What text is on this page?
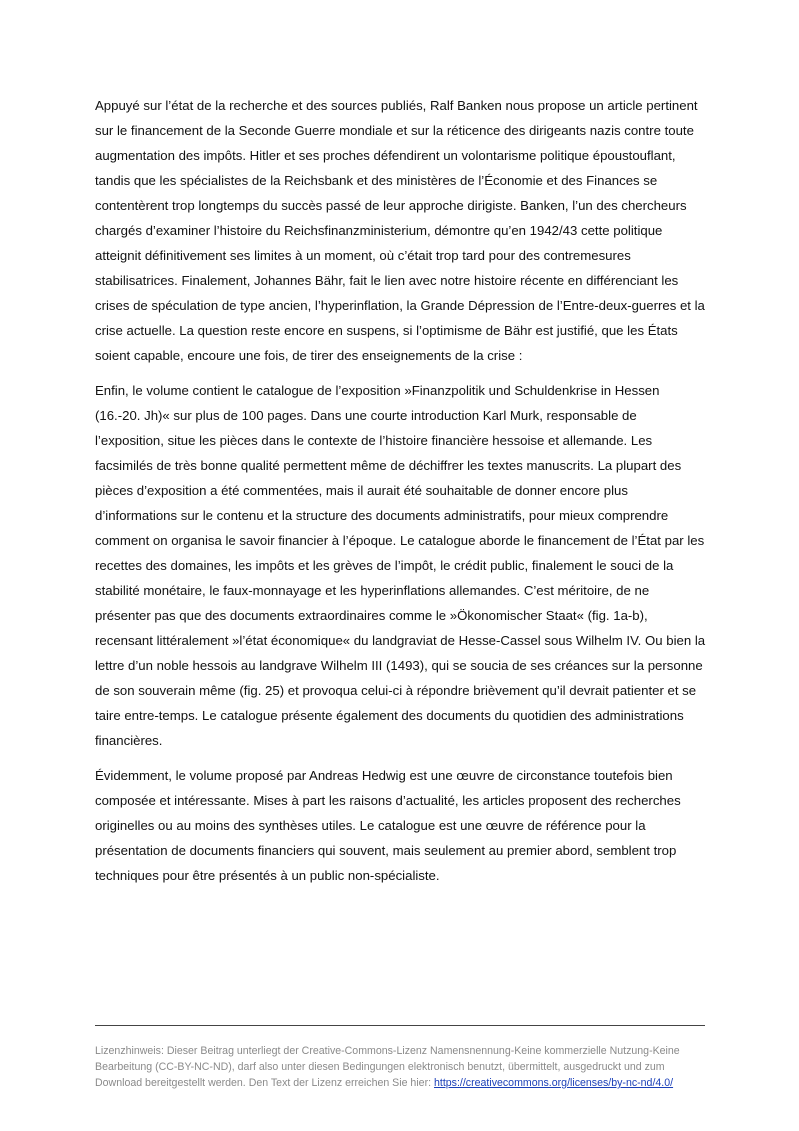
Appuyé sur l’état de la recherche et des sources publiés, Ralf Banken nous propose un article pertinent sur le financement de la Seconde Guerre mondiale et sur la réticence des dirigeants nazis contre toute augmentation des impôts. Hitler et ses proches défendirent un volontarisme politique époustouflant, tandis que les spécialistes de la Reichsbank et des ministères de l’Économie et des Finances se contentèrent trop longtemps du succès passé de leur approche dirigiste. Banken, l’un des chercheurs chargés d’examiner l’histoire du Reichsfinanzministerium, démontre qu’en 1942/43 cette politique atteignit définitivement ses limites à un moment, où c’était trop tard pour des contremesures stabilisatrices. Finalement, Johannes Bähr, fait le lien avec notre histoire récente en différenciant les crises de spéculation de type ancien, l’hyperinflation, la Grande Dépression de l’Entre-deux-guerres et la crise actuelle. La question reste encore en suspens, si l’optimisme de Bähr est justifié, que les États soient capable, encoure une fois, de tirer des enseignements de la crise :

Enfin, le volume contient le catalogue de l’exposition »Finanzpolitik und Schuldenkrise in Hessen (16.-20. Jh)« sur plus de 100 pages. Dans une courte introduction Karl Murk, responsable de l’exposition, situe les pièces dans le contexte de l’histoire financière hessoise et allemande. Les facsimilés de très bonne qualité permettent même de déchiffrer les textes manuscrits. La plupart des pièces d’exposition a été commentées, mais il aurait été souhaitable de donner encore plus d’informations sur le contenu et la structure des documents administratifs, pour mieux comprendre comment on organisa le savoir financier à l’époque. Le catalogue aborde le financement de l’État par les recettes des domaines, les impôts et les grèves de l’impôt, le crédit public, finalement le souci de la stabilité monétaire, le faux-monnayage et les hyperinflations allemandes. C’est méritoire, de ne présenter pas que des documents extraordinaires comme le »Ökonomischer Staat« (fig. 1a-b), recensant littéralement »l’état économique« du landgraviat de Hesse-Cassel sous Wilhelm IV. Ou bien la lettre d’un noble hessois au landgrave Wilhelm III (1493), qui se soucia de ses créances sur la personne de son souverain même (fig. 25) et provoqua celui-ci à répondre brièvement qu’il devrait patienter et se taire entre-temps. Le catalogue présente également des documents du quotidien des administrations financières.

Évidemment, le volume proposé par Andreas Hedwig est une œuvre de circonstance toutefois bien composée et intéressante. Mises à part les raisons d’actualité, les articles proposent des recherches originelles ou au moins des synthèses utiles. Le catalogue est une œuvre de référence pour la présentation de documents financiers qui souvent, mais seulement au premier abord, semblent trop techniques pour être présentés à un public non-spécialiste.

Lizenzhinweis: Dieser Beitrag unterliegt der Creative-Commons-Lizenz Namensnennung-Keine kommerzielle Nutzung-Keine Bearbeitung (CC-BY-NC-ND), darf also unter diesen Bedingungen elektronisch benutzt, übermittelt, ausgedruckt und zum Download bereitgestellt werden. Den Text der Lizenz erreichen Sie hier: https://creativecommons.org/licenses/by-nc-nd/4.0/
